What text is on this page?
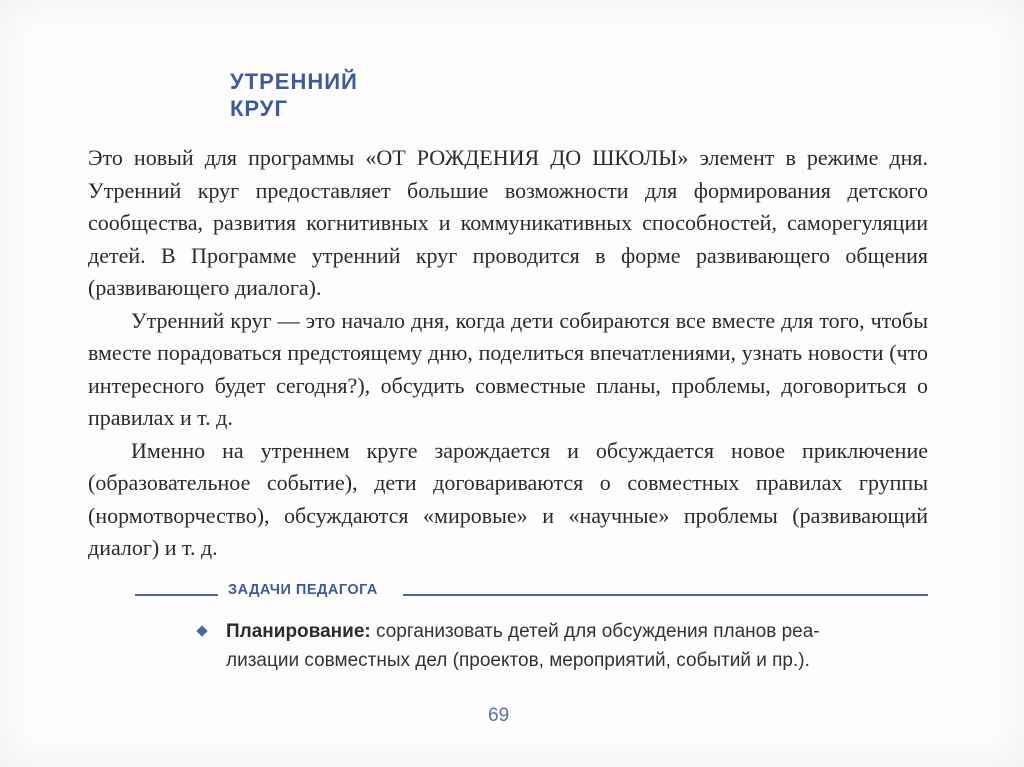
УТРЕННИЙ
КРУГ

Это новый для программы «ОТ РОЖДЕНИЯ ДО ШКОЛЫ» элемент в режиме дня. Утренний круг предоставляет большие возможности для формирования детского сообщества, развития когнитивных и коммуникативных способностей, саморегуляции детей. В Программе утренний круг проводится в форме развивающего общения (развивающего диалога).

Утренний круг — это начало дня, когда дети собираются все вместе для того, чтобы вместе порадоваться предстоящему дню, поделиться впечатлениями, узнать новости (что интересного будет сегодня?), обсудить совместные планы, проблемы, договориться о правилах и т. д.

Именно на утреннем круге зарождается и обсуждается новое приключение (образовательное событие), дети договариваются о совместных правилах группы (нормотворчество), обсуждаются «мировые» и «научные» проблемы (развивающий диалог) и т. д.

ЗАДАЧИ ПЕДАГОГА
Планирование: сорганизовать детей для обсуждения планов реа-
лизации совместных дел (проектов, мероприятий, событий и пр.).
69
